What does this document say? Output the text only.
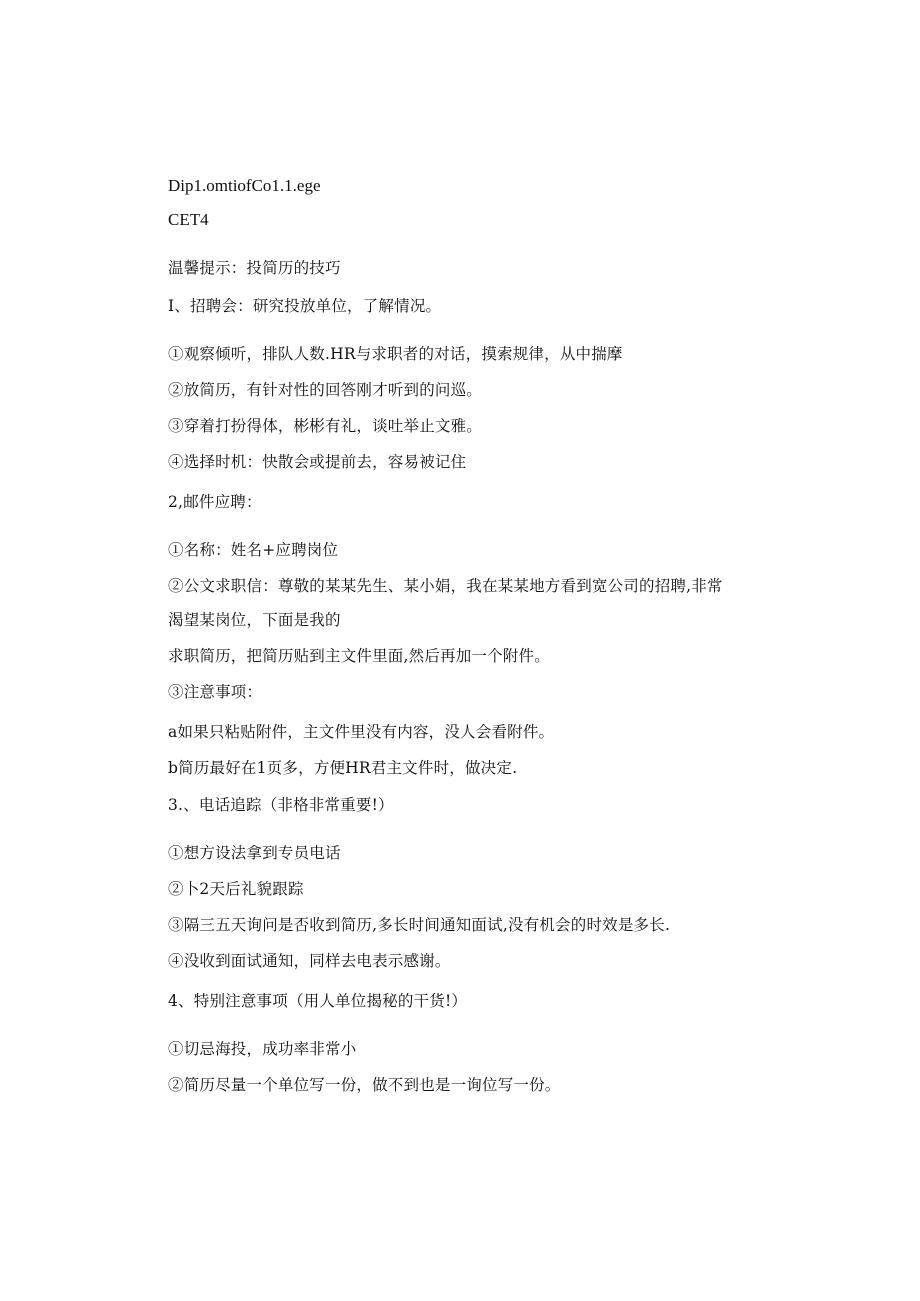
Dip1.omtiofCo1.1.ege
CET4
温馨提示：投简历的技巧
I、招聘会：研究投放单位，了解情况。
①观察倾听，排队人数.HR与求职者的对话，摸索规律，从中揣摩
②放简历，有针对性的回答刚才听到的问巡。
③穿着打扮得体，彬彬有礼，谈吐举止文雅。
④选择时机：快散会或提前去，容易被记住
2,邮件应聘：
①名称：姓名+应聘岗位
②公文求职信：尊敬的某某先生、某小娟，我在某某地方看到宽公司的招聘,非常
渴望某岗位，下面是我的
求职简历，把简历贴到主文件里面,然后再加一个附件。
③注意事项：
a如果只粘贴附件，主文件里没有内容，没人会看附件。
b简历最好在1页多，方便HR君主文件时，做决定.
3.、电话追踪（非格非常重要!）
①想方设法拿到专员电话
②卜2天后礼貌跟踪
③隔三五天询问是否收到简历,多长时间通知面试,没有机会的时效是多长.
④没收到面试通知，同样去电表示感谢。
4、特别注意事项（用人单位揭秘的干货!）
①切忌海投，成功率非常小
②简历尽量一个单位写一份，做不到也是一询位写一份。
